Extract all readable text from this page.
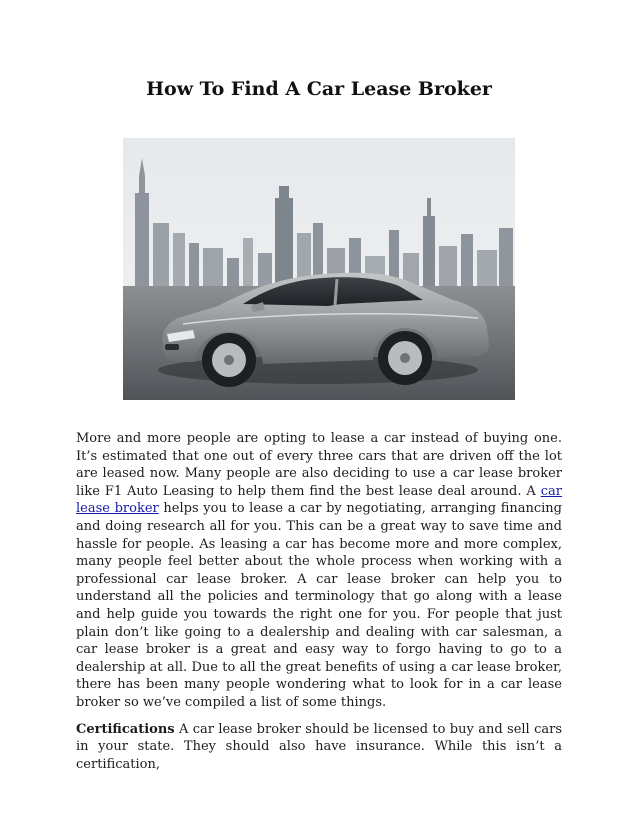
How To Find A Car Lease Broker

More and more people are opting to lease a car instead of buying one. It’s estimated that one out of every three cars that are driven off the lot are leased now. Many people are also deciding to use a car lease broker like F1 Auto Leasing to help them find the best lease deal around. A car lease broker helps you to lease a car by negotiating, arranging financing and doing research all for you. This can be a great way to save time and hassle for people. As leasing a car has become more and more complex, many people feel better about the whole process when working with a professional car lease broker. A car lease broker can help you to understand all the policies and terminology that go along with a lease and help guide you towards the right one for you. For people that just plain don’t like going to a dealership and dealing with car salesman, a car lease broker is a great and easy way to forgo having to go to a dealership at all. Due to all the great benefits of using a car lease broker, there has been many people wondering what to look for in a car lease broker so we’ve compiled a list of some things.

Certifications A car lease broker should be licensed to buy and sell cars in your state. They should also have insurance. While this isn’t a certification,
